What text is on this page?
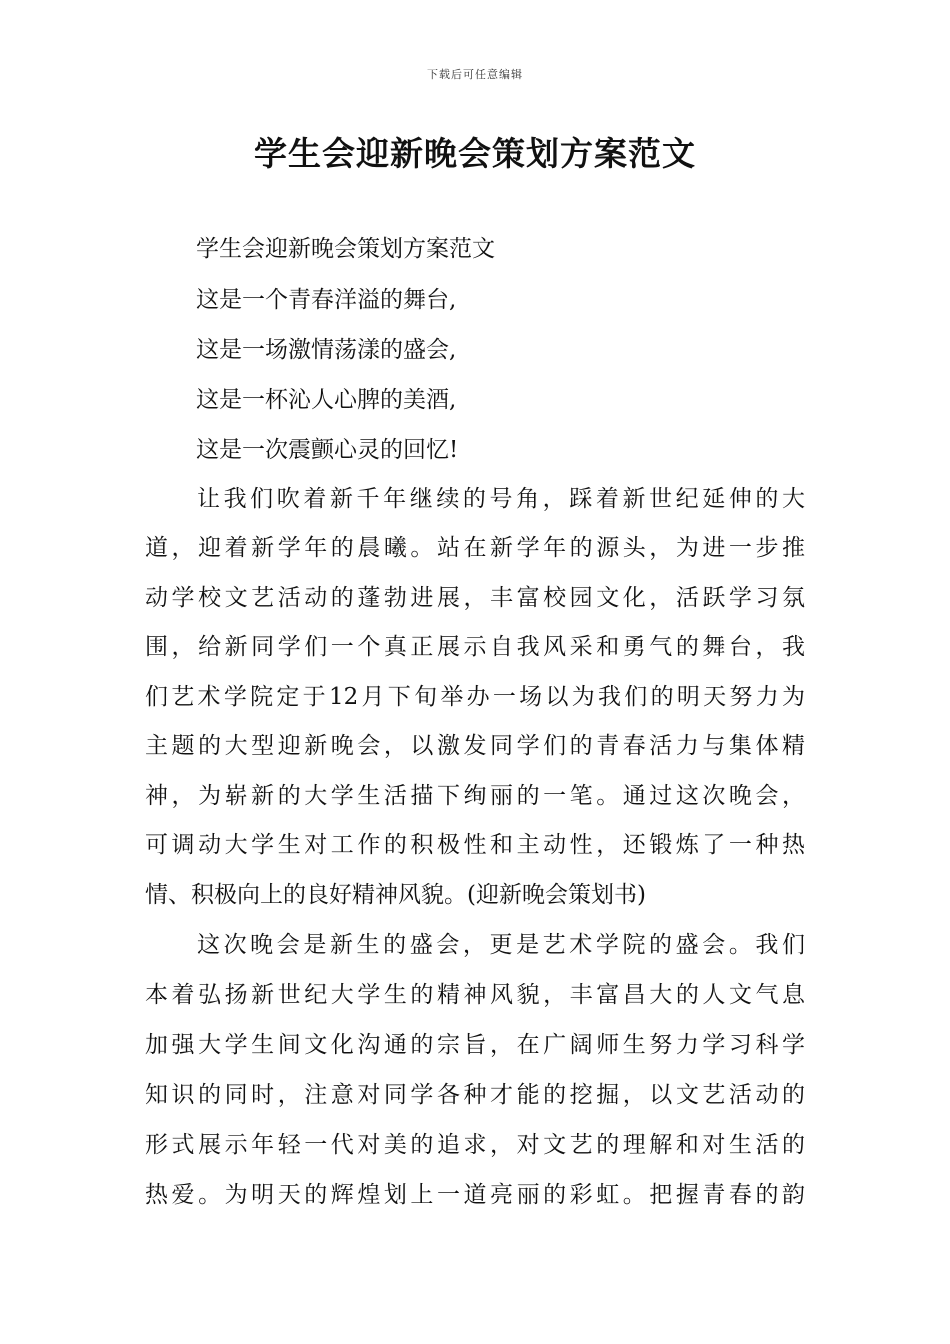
下载后可任意编辑
学生会迎新晚会策划方案范文

学生会迎新晚会策划方案范文

这是一个青春洋溢的舞台,

这是一场激情荡漾的盛会,

这是一杯沁人心脾的美酒,

这是一次震颤心灵的回忆!

让我们吹着新千年继续的号角，踩着新世纪延伸的大

道，迎着新学年的晨曦。站在新学年的源头，为进一步推

动学校文艺活动的蓬勃进展，丰富校园文化，活跃学习氛

围，给新同学们一个真正展示自我风采和勇气的舞台，我

们艺术学院定于12月下旬举办一场以为我们的明天努力为

主题的大型迎新晚会，以激发同学们的青春活力与集体精

神，为崭新的大学生活描下绚丽的一笔。通过这次晚会，

可调动大学生对工作的积极性和主动性，还锻炼了一种热

情、积极向上的良好精神风貌。(迎新晚会策划书)

这次晚会是新生的盛会，更是艺术学院的盛会。我们

本着弘扬新世纪大学生的精神风貌，丰富昌大的人文气息

加强大学生间文化沟通的宗旨，在广阔师生努力学习科学

知识的同时，注意对同学各种才能的挖掘，以文艺活动的

形式展示年轻一代对美的追求，对文艺的理解和对生活的

热爱。为明天的辉煌划上一道亮丽的彩虹。把握青春的韵
